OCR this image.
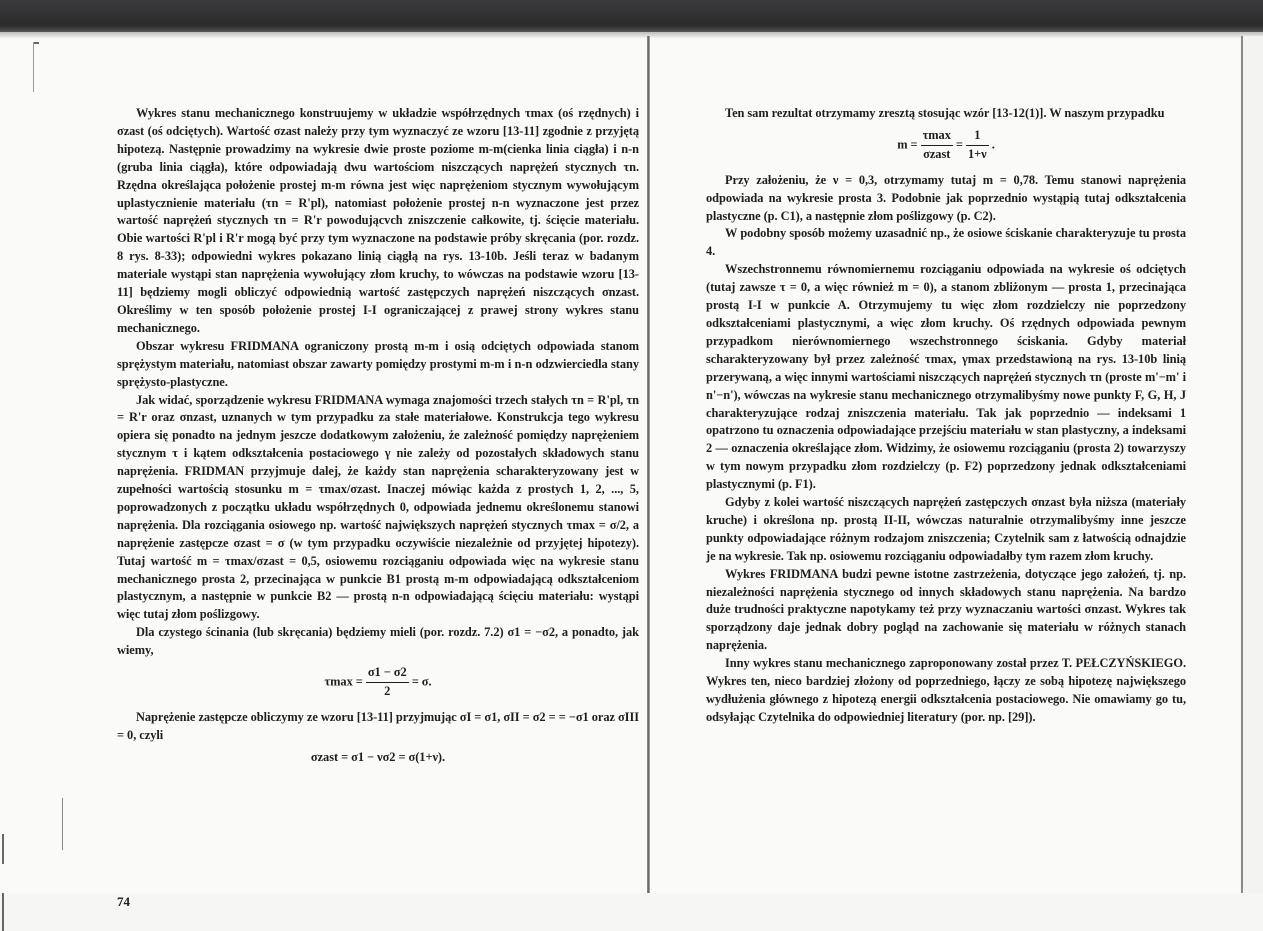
Wykres stanu mechanicznego konstruujemy w układzie współrzędnych τmax (oś rzędnych) i σzast (oś odciętych). Wartość σzast należy przy tym wyznaczyć ze wzoru [13-11] zgodnie z przyjętą hipotezą. Następnie prowadzimy na wykresie dwie proste poziome m-m(cienka linia ciągła) i n-n (gruba linia ciągła), które odpowiadają dwu wartościom niszczących naprężeń stycznych τn. Rzędna określająca położenie prostej m-m równa jest więc naprężeniom stycznym wywołującym uplastycznienie materiału (τn = R'pl), natomiast położenie prostej n-n wyznaczone jest przez wartość naprężeń stycznych τn = R'r powodującvch zniszczenie całkowite, tj. ścięcie materiału. Obie wartości R'pl i R'r mogą być przy tym wyznaczone na podstawie próby skręcania (por. rozdz. 8 rys. 8-33); odpowiedni wykres pokazano linią ciągłą na rys. 13-10b. Jeśli teraz w badanym materiale wystąpi stan naprężenia wywołujący złom kruchy, to wówczas na podstawie wzoru [13-11] będziemy mogli obliczyć odpowiednią wartość zastępczych naprężeń niszczących σnzast. Określimy w ten sposób położenie prostej I-I ograniczającej z prawej strony wykres stanu mechanicznego.

Obszar wykresu FRIDMANA ograniczony prostą m-m i osią odciętych odpowiada stanom sprężystym materiału, natomiast obszar zawarty pomiędzy prostymi m-m i n-n odzwierciedla stany sprężysto-plastyczne.

Jak widać, sporządzenie wykresu FRIDMANA wymaga znajomości trzech stałych τn = R'pl, τn = R'r oraz σnzast, uznanych w tym przypadku za stałe materiałowe. Konstrukcja tego wykresu opiera się ponadto na jednym jeszcze dodatkowym założeniu, że zależność pomiędzy naprężeniem stycznym τ i kątem odkształcenia postaciowego γ nie zależy od pozostałych składowych stanu naprężenia. FRIDMAN przyjmuje dalej, że każdy stan naprężenia scharakteryzowany jest w zupełności wartością stosunku m = τmax/σzast. Inaczej mówiąc każda z prostych 1, 2, ..., 5, poprowadzonych z początku układu współrzędnych 0, odpowiada jednemu określonemu stanowi naprężenia. Dla rozciągania osiowego np. wartość największych naprężeń stycznych τmax = σ/2, a naprężenie zastępcze σzast = σ (w tym przypadku oczywiście niezależnie od przyjętej hipotezy). Tutaj wartość m = τmax/σzast = 0,5, osiowemu rozciąganiu odpowiada więc na wykresie stanu mechanicznego prosta 2, przecinająca w punkcie B1 prostą m-m odpowiadającą odkształceniom plastycznym, a następnie w punkcie B2 — prostą n-n odpowiadającą ścięciu materiału: wystąpi więc tutaj złom poślizgowy.

Dla czystego ścinania (lub skręcania) będziemy mieli (por. rozdz. 7.2) σ1 = −σ2, a ponadto, jak wiemy,

$\tau\max = \frac{\sigma 1 - \sigma 2}{2} = \sigma$.

Naprężenie zastępcze obliczymy ze wzoru [13-11] przyjmując σI = σ1, σII = σ2 = = −σ1 oraz σIII = 0, czyli

σzast = σ1 − νσ2 = σ(1+ν).
74

Ten sam rezultat otrzymamy zresztą stosując wzór [13-12(1)]. W naszym przypadku

$m = \frac{\tau\max}{\text{σzast}} = \frac{1}{1+\nu}$ .

Przy założeniu, że ν = 0,3, otrzymamy tutaj m = 0,78. Temu stanowi naprężenia odpowiada na wykresie prosta 3. Podobnie jak poprzednio wystąpią tutaj odkształcenia plastyczne (p. C1), a następnie złom poślizgowy (p. C2).

W podobny sposób możemy uzasadnić np., że osiowe ściskanie charakteryzuje tu prosta 4.

Wszechstronnemu równomiernemu rozciąganiu odpowiada na wykresie oś odciętych (tutaj zawsze τ = 0, a więc również m = 0), a stanom zbliżonym — prosta 1, przecinająca prostą I-I w punkcie A. Otrzymujemy tu więc złom rozdzielczy nie poprzedzony odkształceniami plastycznymi, a więc złom kruchy. Oś rzędnych odpowiada pewnym przypadkom nierównomiernego wszechstronnego ściskania. Gdyby materiał scharakteryzowany był przez zależność τmax, γmax przedstawioną na rys. 13-10b linią przerywaną, a więc innymi wartościami niszczących naprężeń stycznych τn (proste m'−m' i n'−n'), wówczas na wykresie stanu mechanicznego otrzymalibyśmy nowe punkty F, G, H, J charakteryzujące rodzaj zniszczenia materiału. Tak jak poprzednio — indeksami 1 opatrzono tu oznaczenia odpowiadające przejściu materiału w stan plastyczny, a indeksami 2 — oznaczenia określające złom. Widzimy, że osiowemu rozciąganiu (prosta 2) towarzyszy w tym nowym przypadku złom rozdzielczy (p. F2) poprzedzony jednak odkształceniami plastycznymi (p. F1).

Gdyby z kolei wartość niszczących naprężeń zastępczych σnzast była niższa (materiały kruche) i określona np. prostą II-II, wówczas naturalnie otrzymalibyśmy inne jeszcze punkty odpowiadające różnym rodzajom zniszczenia; Czytelnik sam z łatwością odnajdzie je na wykresie. Tak np. osiowemu rozciąganiu odpowiadałby tym razem złom kruchy.

Wykres FRIDMANA budzi pewne istotne zastrzeżenia, dotyczące jego założeń, tj. np. niezależności naprężenia stycznego od innych składowych stanu naprężenia. Na bardzo duże trudności praktyczne napotykamy też przy wyznaczaniu wartości σnzast. Wykres tak sporządzony daje jednak dobry pogląd na zachowanie się materiału w różnych stanach naprężenia.

Inny wykres stanu mechanicznego zaproponowany został przez T. PEŁCZYŃSKIEGO. Wykres ten, nieco bardziej złożony od poprzedniego, łączy ze sobą hipotezę największego wydłużenia głównego z hipotezą energii odkształcenia postaciowego. Nie omawiamy go tu, odsyłając Czytelnika do odpowiedniej literatury (por. np. [29]).
